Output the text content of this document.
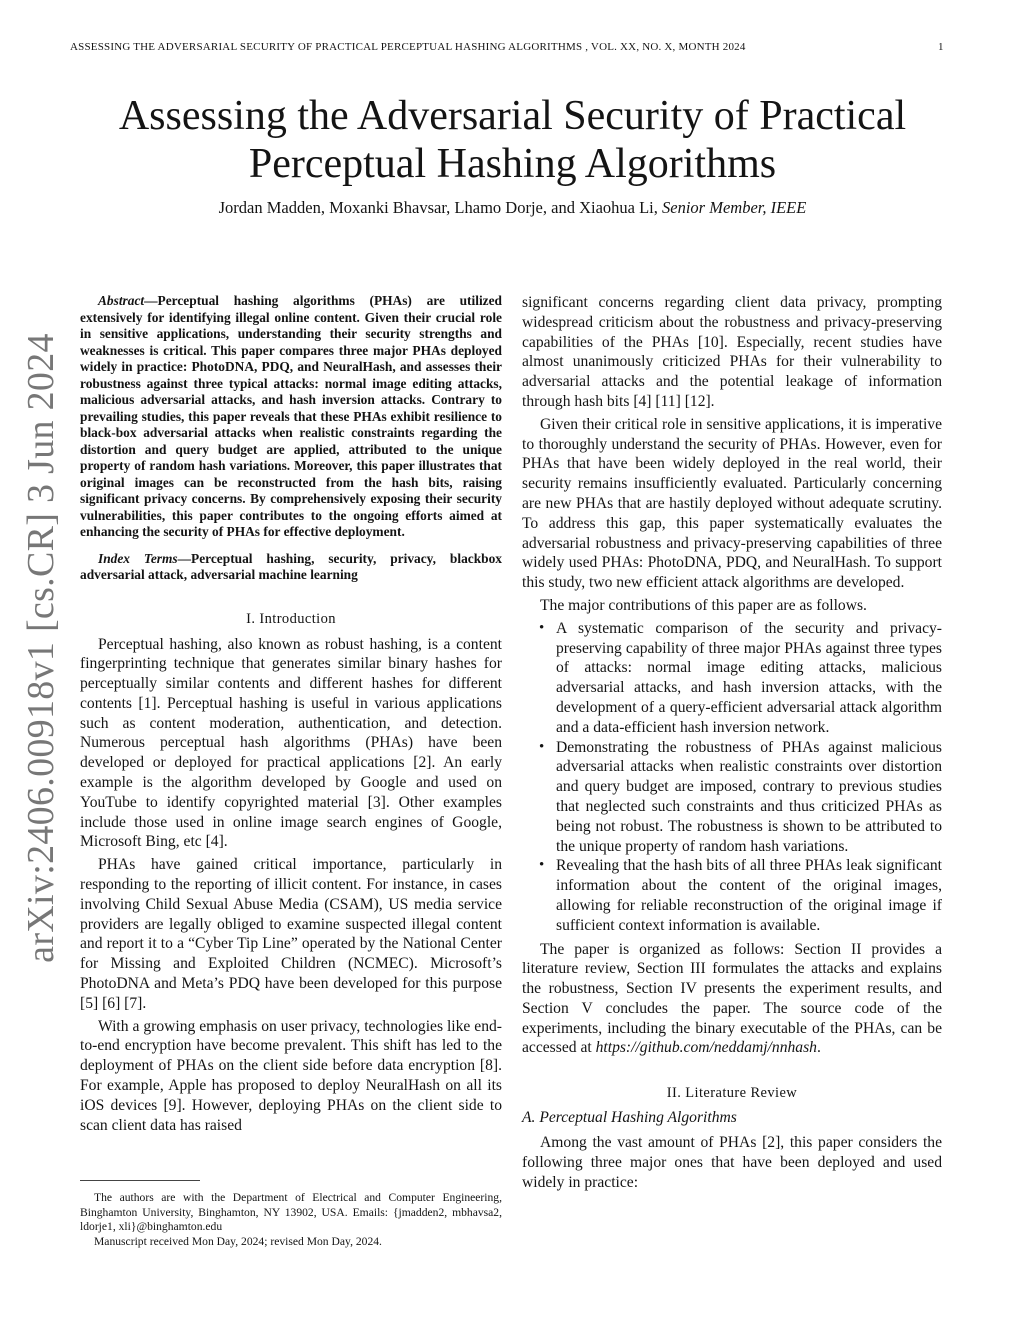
ASSESSING THE ADVERSARIAL SECURITY OF PRACTICAL PERCEPTUAL HASHING ALGORITHMS , VOL. XX, NO. X, MONTH 2024	1
Assessing the Adversarial Security of Practical
Perceptual Hashing Algorithms
Jordan Madden, Moxanki Bhavsar, Lhamo Dorje, and Xiaohua Li, Senior Member, IEEE
arXiv:2406.00918v1 [cs.CR] 3 Jun 2024

Abstract—Perceptual hashing algorithms (PHAs) are utilized extensively for identifying illegal online content. Given their crucial role in sensitive applications, understanding their security strengths and weaknesses is critical. This paper compares three major PHAs deployed widely in practice: PhotoDNA, PDQ, and NeuralHash, and assesses their robustness against three typical attacks: normal image editing attacks, malicious adversarial attacks, and hash inversion attacks. Contrary to prevailing studies, this paper reveals that these PHAs exhibit resilience to black-box adversarial attacks when realistic constraints regarding the distortion and query budget are applied, attributed to the unique property of random hash variations. Moreover, this paper illustrates that original images can be reconstructed from the hash bits, raising significant privacy concerns. By comprehensively exposing their security vulnerabilities, this paper contributes to the ongoing efforts aimed at enhancing the security of PHAs for effective deployment.

Index Terms—Perceptual hashing, security, privacy, blackbox adversarial attack, adversarial machine learning

I. Introduction

Perceptual hashing, also known as robust hashing, is a content fingerprinting technique that generates similar binary hashes for perceptually similar contents and different hashes for different contents [1]. Perceptual hashing is useful in various applications such as content moderation, authentication, and detection. Numerous perceptual hash algorithms (PHAs) have been developed or deployed for practical applications [2]. An early example is the algorithm developed by Google and used on YouTube to identify copyrighted material [3]. Other examples include those used in online image search engines of Google, Microsoft Bing, etc [4].

PHAs have gained critical importance, particularly in responding to the reporting of illicit content. For instance, in cases involving Child Sexual Abuse Media (CSAM), US media service providers are legally obliged to examine suspected illegal content and report it to a “Cyber Tip Line” operated by the National Center for Missing and Exploited Children (NCMEC). Microsoft’s PhotoDNA and Meta’s PDQ have been developed for this purpose [5] [6] [7].

With a growing emphasis on user privacy, technologies like end-to-end encryption have become prevalent. This shift has led to the deployment of PHAs on the client side before data encryption [8]. For example, Apple has proposed to deploy NeuralHash on all its iOS devices [9]. However, deploying PHAs on the client side to scan client data has raised

The authors are with the Department of Electrical and Computer Engineering, Binghamton University, Binghamton, NY 13902, USA. Emails: {jmadden2, mbhavsa2, ldorje1, xli}@binghamton.edu

Manuscript received Mon Day, 2024; revised Mon Day, 2024.

significant concerns regarding client data privacy, prompting widespread criticism about the robustness and privacy-preserving capabilities of the PHAs [10]. Especially, recent studies have almost unanimously criticized PHAs for their vulnerability to adversarial attacks and the potential leakage of information through hash bits [4] [11] [12].

Given their critical role in sensitive applications, it is imperative to thoroughly understand the security of PHAs. However, even for PHAs that have been widely deployed in the real world, their security remains insufficiently evaluated. Particularly concerning are new PHAs that are hastily deployed without adequate scrutiny. To address this gap, this paper systematically evaluates the adversarial robustness and privacy-preserving capabilities of three widely used PHAs: PhotoDNA, PDQ, and NeuralHash. To support this study, two new efficient attack algorithms are developed.

The major contributions of this paper are as follows.

• A systematic comparison of the security and privacy-preserving capability of three major PHAs against three types of attacks: normal image editing attacks, malicious adversarial attacks, and hash inversion attacks, with the development of a query-efficient adversarial attack algorithm and a data-efficient hash inversion network.
• Demonstrating the robustness of PHAs against malicious adversarial attacks when realistic constraints over distortion and query budget are imposed, contrary to previous studies that neglected such constraints and thus criticized PHAs as being not robust. The robustness is shown to be attributed to the unique property of random hash variations.
• Revealing that the hash bits of all three PHAs leak significant information about the content of the original images, allowing for reliable reconstruction of the original image if sufficient context information is available.

The paper is organized as follows: Section II provides a literature review, Section III formulates the attacks and explains the robustness, Section IV presents the experiment results, and Section V concludes the paper. The source code of the experiments, including the binary executable of the PHAs, can be accessed at https://github.com/neddamj/nnhash.

II. Literature Review
A. Perceptual Hashing Algorithms

Among the vast amount of PHAs [2], this paper considers the following three major ones that have been deployed and used widely in practice:
